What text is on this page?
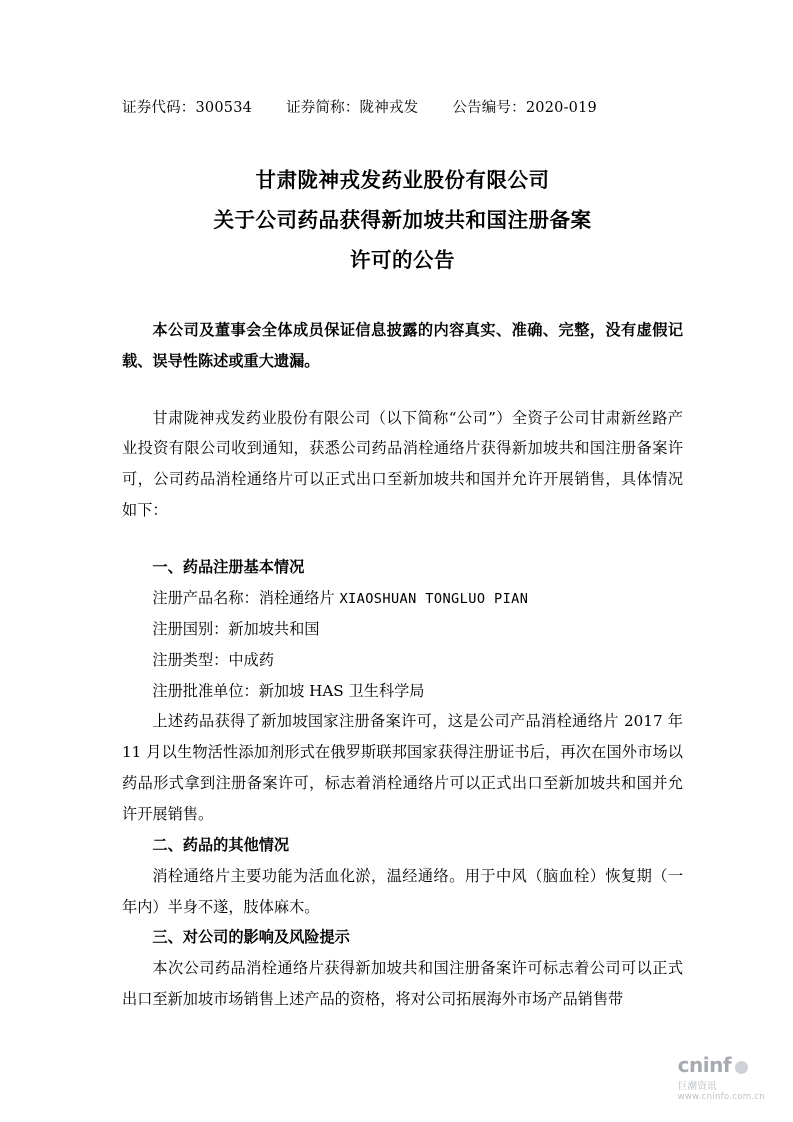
证券代码：300534 证券简称：陇神戎发 公告编号：2020-019
甘肃陇神戎发药业股份有限公司
关于公司药品获得新加坡共和国注册备案
许可的公告

本公司及董事会全体成员保证信息披露的内容真实、准确、完整，没有虚假记载、误导性陈述或重大遗漏。

甘肃陇神戎发药业股份有限公司（以下简称“公司”）全资子公司甘肃新丝路产业投资有限公司收到通知，获悉公司药品消栓通络片获得新加坡共和国注册备案许可，公司药品消栓通络片可以正式出口至新加坡共和国并允许开展销售，具体情况如下：

一、药品注册基本情况
注册产品名称：消栓通络片 XIAOSHUAN TONGLUO PIAN
注册国别：新加坡共和国
注册类型：中成药
注册批准单位：新加坡 HAS 卫生科学局

上述药品获得了新加坡国家注册备案许可，这是公司产品消栓通络片 2017 年 11 月以生物活性添加剂形式在俄罗斯联邦国家获得注册证书后，再次在国外市场以药品形式拿到注册备案许可，标志着消栓通络片可以正式出口至新加坡共和国并允许开展销售。

二、药品的其他情况

消栓通络片主要功能为活血化淤，温经通络。用于中风（脑血栓）恢复期（一年内）半身不遂，肢体麻木。

三、对公司的影响及风险提示

本次公司药品消栓通络片获得新加坡共和国注册备案许可标志着公司可以正式出口至新加坡市场销售上述产品的资格，将对公司拓展海外市场产品销售带

cninf
巨潮资讯
www.cninfo.com.cn
